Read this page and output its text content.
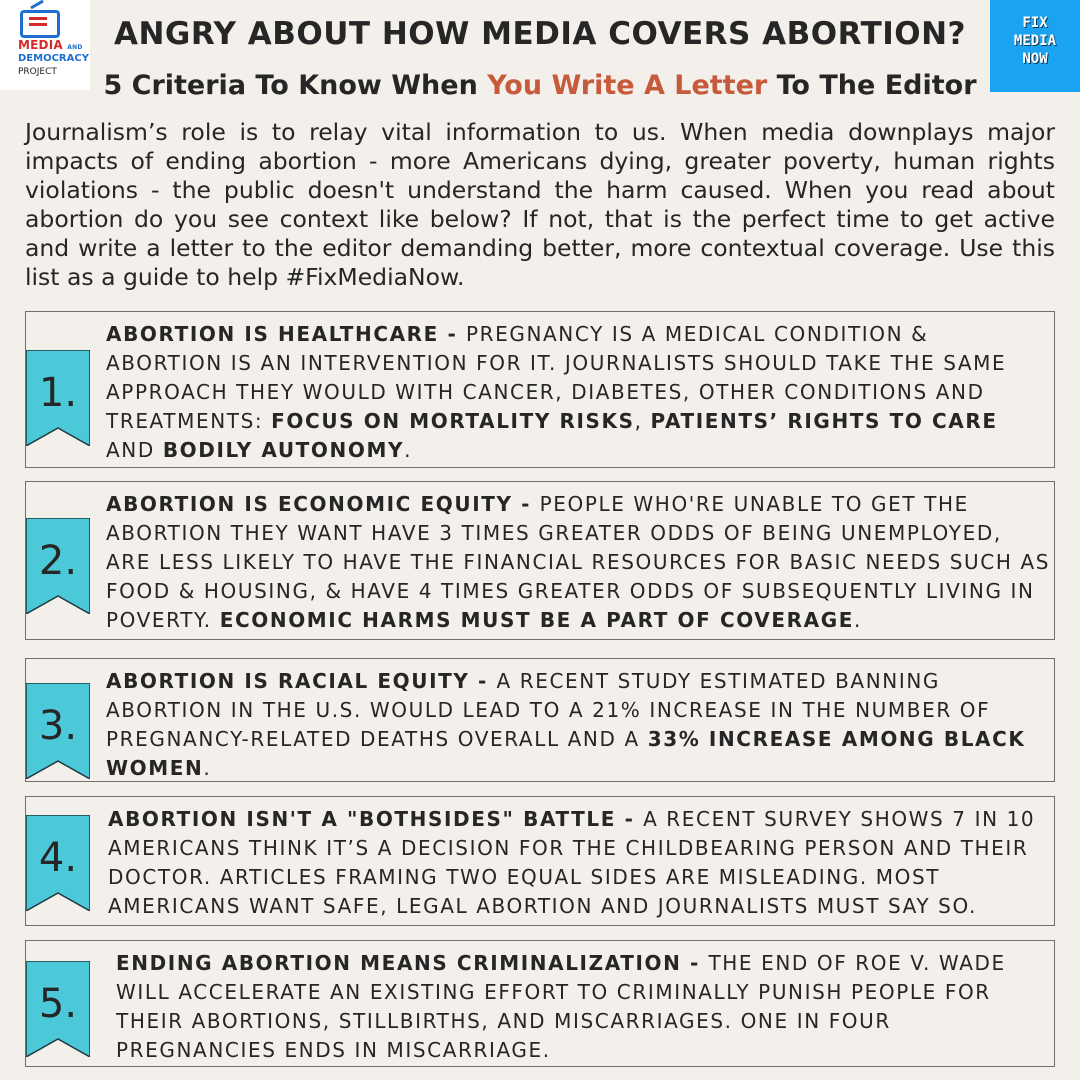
MEDIA AND
DEMOCRACY
PROJECT
FIX
MEDIA
NOW
ANGRY ABOUT HOW MEDIA COVERS ABORTION?
5 Criteria To Know When You Write A Letter To The Editor
Journalism’s role is to relay vital information to us. When media downplays major impacts of ending abortion - more Americans dying, greater poverty, human rights violations - the public doesn't understand the harm caused. When you read about abortion do you see context like below? If not, that is the perfect time to get active and write a letter to the editor demanding better, more contextual coverage. Use this list as a guide to help #FixMediaNow.
1.
ABORTION IS HEALTHCARE - PREGNANCY IS A MEDICAL CONDITION & ABORTION IS AN INTERVENTION FOR IT. JOURNALISTS SHOULD TAKE THE SAME APPROACH THEY WOULD WITH CANCER, DIABETES, OTHER CONDITIONS AND TREATMENTS: FOCUS ON MORTALITY RISKS, PATIENTS’ RIGHTS TO CARE AND BODILY AUTONOMY.
2.
ABORTION IS ECONOMIC EQUITY - PEOPLE WHO'RE UNABLE TO GET THE ABORTION THEY WANT HAVE 3 TIMES GREATER ODDS OF BEING UNEMPLOYED, ARE LESS LIKELY TO HAVE THE FINANCIAL RESOURCES FOR BASIC NEEDS SUCH AS FOOD & HOUSING, & HAVE 4 TIMES GREATER ODDS OF SUBSEQUENTLY LIVING IN POVERTY. ECONOMIC HARMS MUST BE A PART OF COVERAGE.
3.
ABORTION IS RACIAL EQUITY - A RECENT STUDY ESTIMATED BANNING ABORTION IN THE U.S. WOULD LEAD TO A 21% INCREASE IN THE NUMBER OF PREGNANCY-RELATED DEATHS OVERALL AND A 33% INCREASE AMONG BLACK WOMEN.
4.
ABORTION ISN'T A "BOTHSIDES" BATTLE - A RECENT SURVEY SHOWS 7 IN 10 AMERICANS THINK IT’S A DECISION FOR THE CHILDBEARING PERSON AND THEIR DOCTOR. ARTICLES FRAMING TWO EQUAL SIDES ARE MISLEADING. MOST AMERICANS WANT SAFE, LEGAL ABORTION AND JOURNALISTS MUST SAY SO.
5.
ENDING ABORTION MEANS CRIMINALIZATION - THE END OF ROE V. WADE WILL ACCELERATE AN EXISTING EFFORT TO CRIMINALLY PUNISH PEOPLE FOR THEIR ABORTIONS, STILLBIRTHS, AND MISCARRIAGES. ONE IN FOUR PREGNANCIES ENDS IN MISCARRIAGE.
